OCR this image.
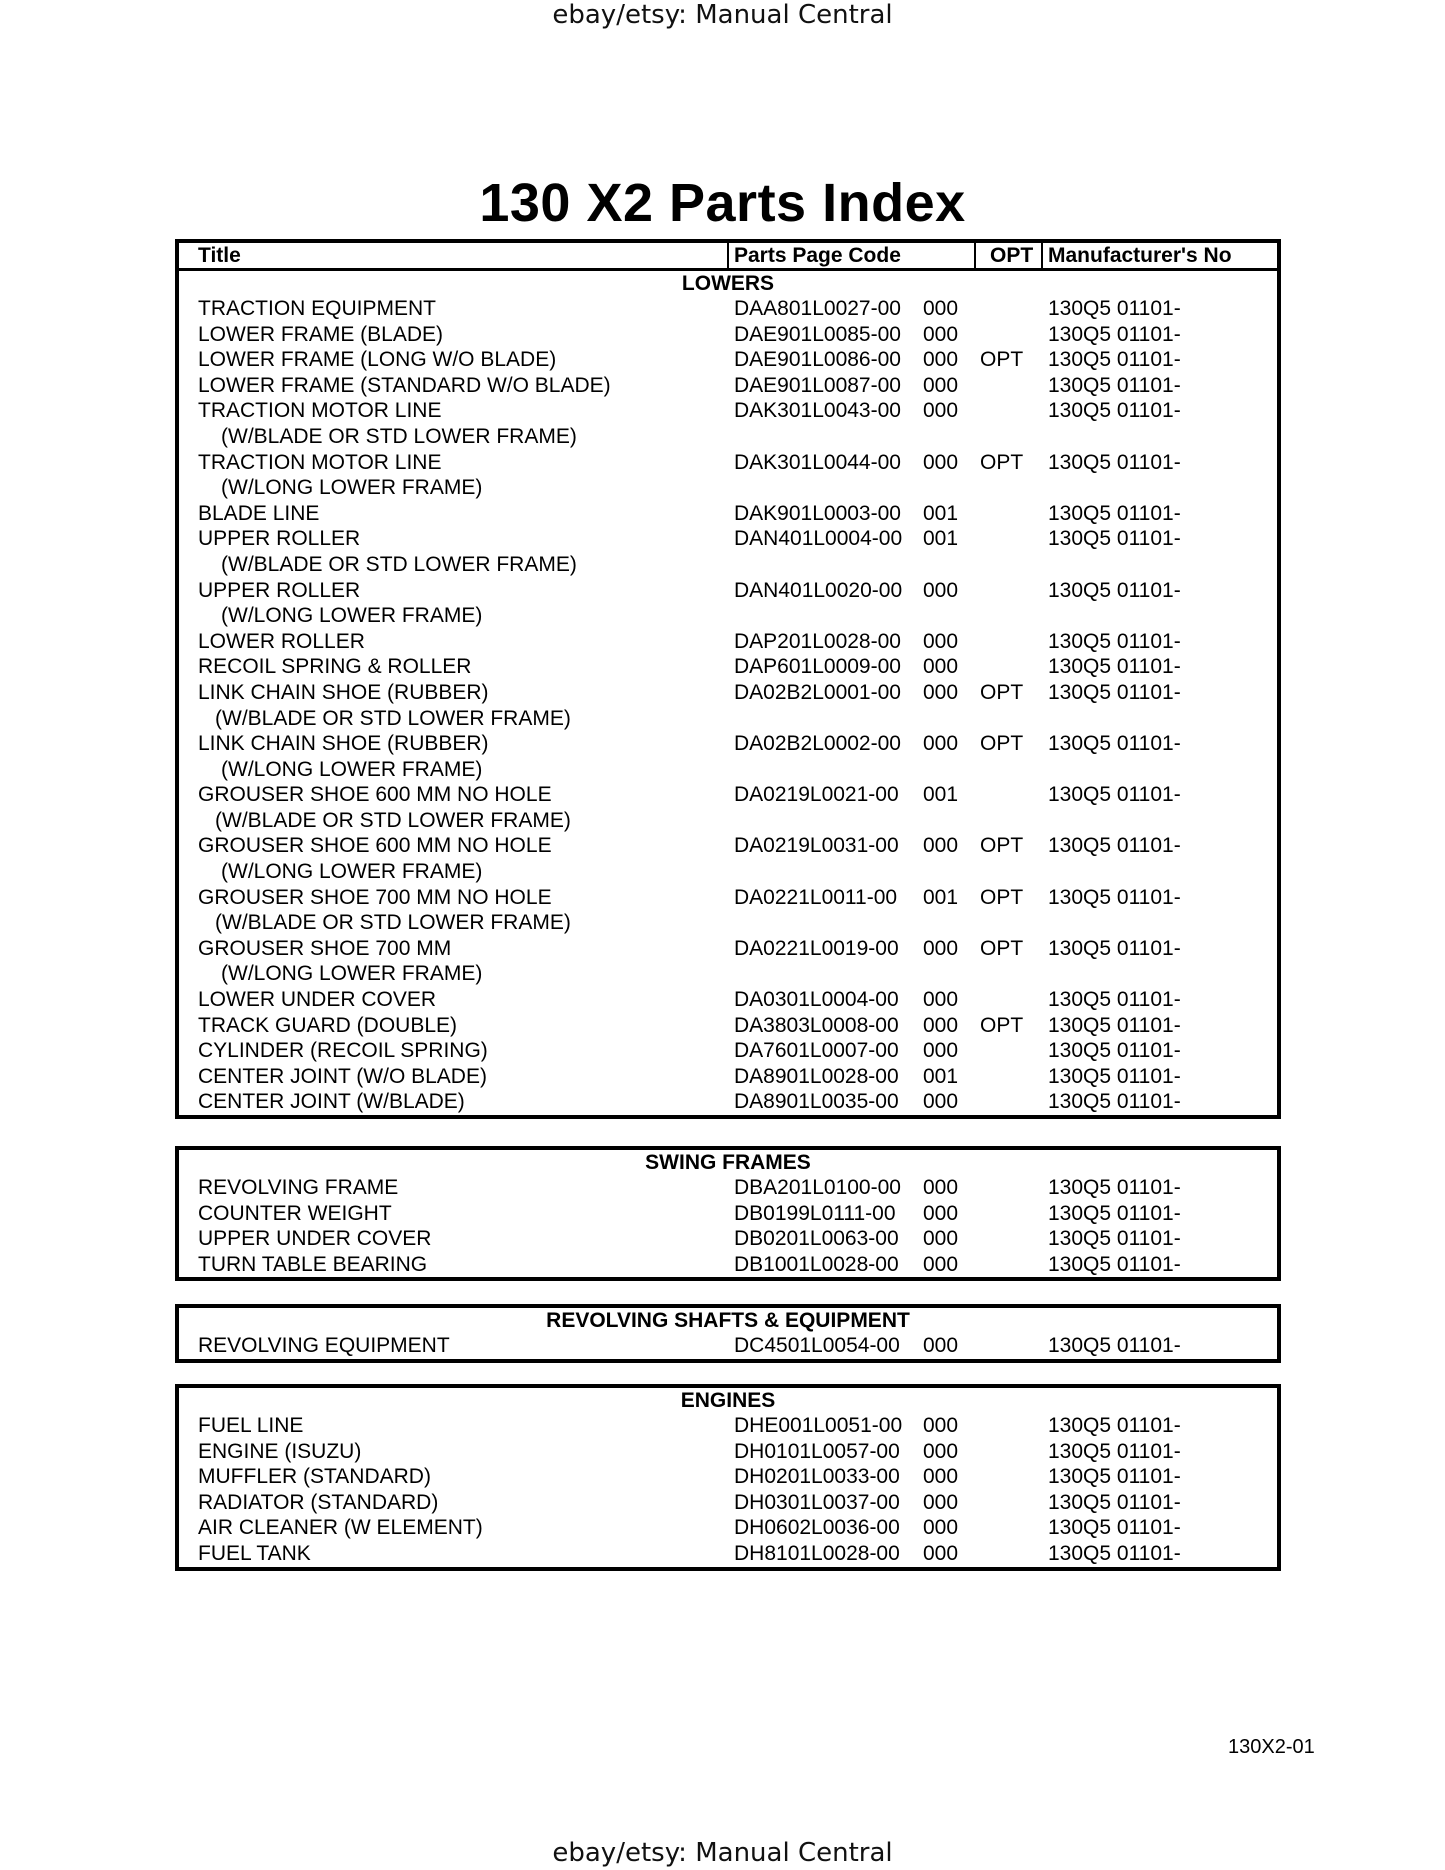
ebay/etsy: Manual Central
130 X2 Parts Index
Title	Parts Page Code	OPT Manufacturer's No
LOWERS
TRACTION EQUIPMENT	DAA801L0027-00 000	130Q5 01101-
LOWER FRAME (BLADE)	DAE901L0085-00 000	130Q5 01101-
LOWER FRAME (LONG W/O BLADE)	DAE901L0086-00 000 OPT 130Q5 01101-
LOWER FRAME (STANDARD W/O BLADE)	DAE901L0087-00 000	130Q5 01101-
TRACTION MOTOR LINE	DAK301L0043-00 000	130Q5 01101-
(W/BLADE OR STD LOWER FRAME)
TRACTION MOTOR LINE	DAK301L0044-00 000 OPT 130Q5 01101-
(W/LONG LOWER FRAME)
BLADE LINE	DAK901L0003-00 001	130Q5 01101-
UPPER ROLLER	DAN401L0004-00 001	130Q5 01101-
(W/BLADE OR STD LOWER FRAME)
UPPER ROLLER	DAN401L0020-00 000	130Q5 01101-
(W/LONG LOWER FRAME)
LOWER ROLLER	DAP201L0028-00 000	130Q5 01101-
RECOIL SPRING & ROLLER	DAP601L0009-00 000	130Q5 01101-
LINK CHAIN SHOE (RUBBER)	DA02B2L0001-00 000 OPT 130Q5 01101-
(W/BLADE OR STD LOWER FRAME)
LINK CHAIN SHOE (RUBBER)	DA02B2L0002-00 000 OPT 130Q5 01101-
(W/LONG LOWER FRAME)
GROUSER SHOE 600 MM NO HOLE	DA0219L0021-00 001	130Q5 01101-
(W/BLADE OR STD LOWER FRAME)
GROUSER SHOE 600 MM NO HOLE	DA0219L0031-00 000 OPT 130Q5 01101-
(W/LONG LOWER FRAME)
GROUSER SHOE 700 MM NO HOLE	DA0221L0011-00 001 OPT 130Q5 01101-
(W/BLADE OR STD LOWER FRAME)
GROUSER SHOE 700 MM	DA0221L0019-00 000 OPT 130Q5 01101-
(W/LONG LOWER FRAME)
LOWER UNDER COVER	DA0301L0004-00 000	130Q5 01101-
TRACK GUARD (DOUBLE)	DA3803L0008-00 000 OPT 130Q5 01101-
CYLINDER (RECOIL SPRING)	DA7601L0007-00 000	130Q5 01101-
CENTER JOINT (W/O BLADE)	DA8901L0028-00 001	130Q5 01101-
CENTER JOINT (W/BLADE)	DA8901L0035-00 000	130Q5 01101-
SWING FRAMES
REVOLVING FRAME	DBA201L0100-00 000	130Q5 01101-
COUNTER WEIGHT	DB0199L0111-00 000	130Q5 01101-
UPPER UNDER COVER	DB0201L0063-00 000	130Q5 01101-
TURN TABLE BEARING	DB1001L0028-00 000	130Q5 01101-
REVOLVING SHAFTS & EQUIPMENT
REVOLVING EQUIPMENT	DC4501L0054-00 000	130Q5 01101-
ENGINES
FUEL LINE	DHE001L0051-00 000	130Q5 01101-
ENGINE (ISUZU)	DH0101L0057-00 000	130Q5 01101-
MUFFLER (STANDARD)	DH0201L0033-00 000	130Q5 01101-
RADIATOR (STANDARD)	DH0301L0037-00 000	130Q5 01101-
AIR CLEANER (W ELEMENT)	DH0602L0036-00 000	130Q5 01101-
FUEL TANK	DH8101L0028-00 000	130Q5 01101-
130X2-01
ebay/etsy: Manual Central
